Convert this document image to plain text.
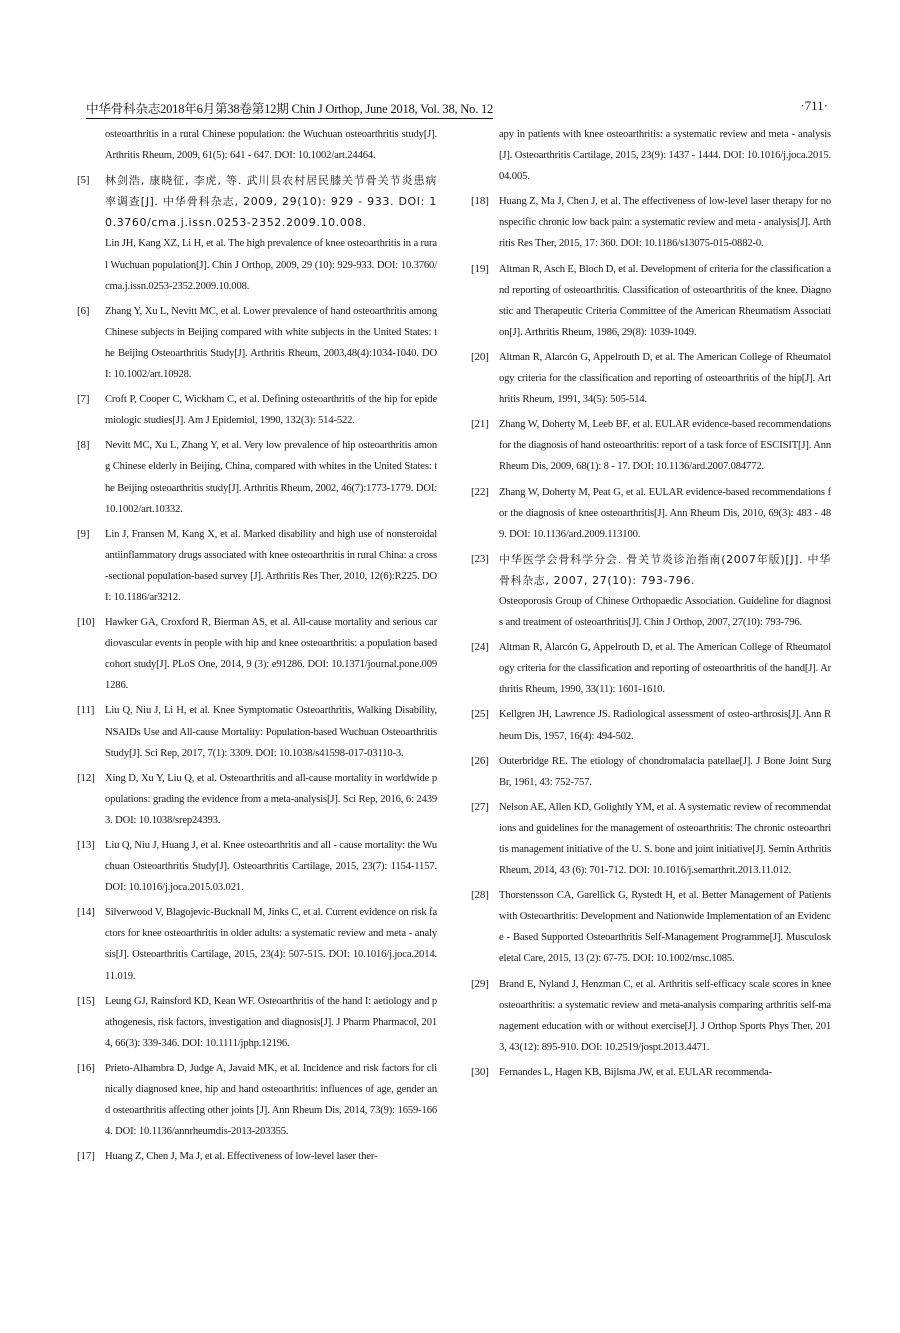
中华骨科杂志2018年6月第38卷第12期 Chin J Orthop, June 2018, Vol. 38, No. 12	·711·
osteoarthritis in a rural Chinese population: the Wuchuan osteoarthritis study[J]. Arthritis Rheum, 2009, 61(5): 641 - 647. DOI: 10.1002/art.24464.
[5] 林剑浩, 康晓征, 李虎, 等. 武川县农村居民膝关节骨关节炎患病率调查[J]. 中华骨科杂志, 2009, 29(10): 929 - 933. DOI: 10.3760/cma.j.issn.0253-2352.2009.10.008.
Lin JH, Kang XZ, Li H, et al. The high prevalence of knee osteoarthritis in a rural Wuchuan population[J]. Chin J Orthop, 2009, 29 (10): 929-933. DOI: 10.3760/cma.j.issn.0253-2352.2009.10.008.
[6] Zhang Y, Xu L, Nevitt MC, et al. Lower prevalence of hand osteoarthritis among Chinese subjects in Beijing compared with white subjects in the United States: the Beijing Osteoarthritis Study[J]. Arthritis Rheum, 2003,48(4):1034-1040. DOI: 10.1002/art.10928.
[7] Croft P, Cooper C, Wickham C, et al. Defining osteoarthritis of the hip for epidemiologic studies[J]. Am J Epidemiol, 1990, 132(3): 514-522.
[8] Nevitt MC, Xu L, Zhang Y, et al. Very low prevalence of hip osteoarthritis among Chinese elderly in Beijing, China, compared with whites in the United States: the Beijing osteoarthritis study[J]. Arthritis Rheum, 2002, 46(7):1773-1779. DOI: 10.1002/art.10332.
[9] Lin J, Fransen M, Kang X, et al. Marked disability and high use of nonsteroidal antiinflammatory drugs associated with knee osteoarthritis in rural China: a cross-sectional population-based survey [J]. Arthritis Res Ther, 2010, 12(6):R225. DOI: 10.1186/ar3212.
[10] Hawker GA, Croxford R, Bierman AS, et al. All-cause mortality and serious cardiovascular events in people with hip and knee osteoarthritis: a population based cohort study[J]. PLoS One, 2014, 9 (3): e91286. DOI: 10.1371/journal.pone.0091286.
[11] Liu Q, Niu J, Li H, et al. Knee Symptomatic Osteoarthritis, Walking Disability, NSAIDs Use and All-cause Mortality: Population-based Wuchuan Osteoarthritis Study[J]. Sci Rep, 2017, 7(1): 3309. DOI: 10.1038/s41598-017-03110-3.
[12] Xing D, Xu Y, Liu Q, et al. Osteoarthritis and all-cause mortality in worldwide populations: grading the evidence from a meta-analysis[J]. Sci Rep, 2016, 6: 24393. DOI: 10.1038/srep24393.
[13] Liu Q, Niu J, Huang J, et al. Knee osteoarthritis and all - cause mortality: the Wuchuan Osteoarthritis Study[J]. Osteoarthritis Cartilage, 2015, 23(7): 1154-1157. DOI: 10.1016/j.joca.2015.03.021.
[14] Silverwood V, Blagojevic-Bucknall M, Jinks C, et al. Current evidence on risk factors for knee osteoarthritis in older adults: a systematic review and meta - analysis[J]. Osteoarthritis Cartilage, 2015, 23(4): 507-515. DOI: 10.1016/j.joca.2014.11.019.
[15] Leung GJ, Rainsford KD, Kean WF. Osteoarthritis of the hand I: aetiology and pathogenesis, risk factors, investigation and diagnosis[J]. J Pharm Pharmacol, 2014, 66(3): 339-346. DOI: 10.1111/jphp.12196.
[16] Prieto-Alhambra D, Judge A, Javaid MK, et al. Incidence and risk factors for clinically diagnosed knee, hip and hand osteoarthritis: influences of age, gender and osteoarthritis affecting other joints [J]. Ann Rheum Dis, 2014, 73(9): 1659-1664. DOI: 10.1136/annrheumdis-2013-203355.
[17] Huang Z, Chen J, Ma J, et al. Effectiveness of low-level laser ther-
apy in patients with knee osteoarthritis: a systematic review and meta - analysis[J]. Osteoarthritis Cartilage, 2015, 23(9): 1437 - 1444. DOI: 10.1016/j.joca.2015.04.005.
[18] Huang Z, Ma J, Chen J, et al. The effectiveness of low-level laser therapy for nonspecific chronic low back pain: a systematic review and meta - analysis[J]. Arthritis Res Ther, 2015, 17: 360. DOI: 10.1186/s13075-015-0882-0.
[19] Altman R, Asch E, Bloch D, et al. Development of criteria for the classification and reporting of osteoarthritis. Classification of osteoarthritis of the knee. Diagnostic and Therapeutic Criteria Committee of the American Rheumatism Association[J]. Arthritis Rheum, 1986, 29(8): 1039-1049.
[20] Altman R, Alarcón G, Appelrouth D, et al. The American College of Rheumatology criteria for the classification and reporting of osteoarthritis of the hip[J]. Arthritis Rheum, 1991, 34(5): 505-514.
[21] Zhang W, Doherty M, Leeb BF, et al. EULAR evidence-based recommendations for the diagnosis of hand osteoarthritis: report of a task force of ESCISIT[J]. Ann Rheum Dis, 2009, 68(1): 8 - 17. DOI: 10.1136/ard.2007.084772.
[22] Zhang W, Doherty M, Peat G, et al. EULAR evidence-based recommendations for the diagnosis of knee osteoarthritis[J]. Ann Rheum Dis, 2010, 69(3): 483 - 489. DOI: 10.1136/ard.2009.113100.
[23] 中华医学会骨科学分会. 骨关节炎诊治指南(2007年版)[J]. 中华骨科杂志, 2007, 27(10): 793-796.
Osteoporosis Group of Chinese Orthopaedic Association. Guideline for diagnosis and treatment of osteoarthritis[J]. Chin J Orthop, 2007, 27(10): 793-796.
[24] Altman R, Alarcón G, Appelrouth D, et al. The American College of Rheumatology criteria for the classification and reporting of osteoarthritis of the hand[J]. Arthritis Rheum, 1990, 33(11): 1601-1610.
[25] Kellgren JH, Lawrence JS. Radiological assessment of osteo-arthrosis[J]. Ann Rheum Dis, 1957, 16(4): 494-502.
[26] Outerbridge RE. The etiology of chondromalacia patellae[J]. J Bone Joint Surg Br, 1961, 43: 752-757.
[27] Nelson AE, Allen KD, Golightly YM, et al. A systematic review of recommendations and guidelines for the management of osteoarthritis: The chronic osteoarthritis management initiative of the U. S. bone and joint initiative[J]. Semin Arthritis Rheum, 2014, 43 (6): 701-712. DOI: 10.1016/j.semarthrit.2013.11.012.
[28] Thorstensson CA, Garellick G, Rystedt H, et al. Better Management of Patients with Osteoarthritis: Development and Nationwide Implementation of an Evidence - Based Supported Osteoarthritis Self-Management Programme[J]. Musculoskeletal Care, 2015, 13 (2): 67-75. DOI: 10.1002/msc.1085.
[29] Brand E, Nyland J, Henzman C, et al. Arthritis self-efficacy scale scores in knee osteoarthritis: a systematic review and meta-analysis comparing arthritis self-management education with or without exercise[J]. J Orthop Sports Phys Ther, 2013, 43(12): 895-910. DOI: 10.2519/jospt.2013.4471.
[30] Fernandes L, Hagen KB, Bijlsma JW, et al. EULAR recommenda-
